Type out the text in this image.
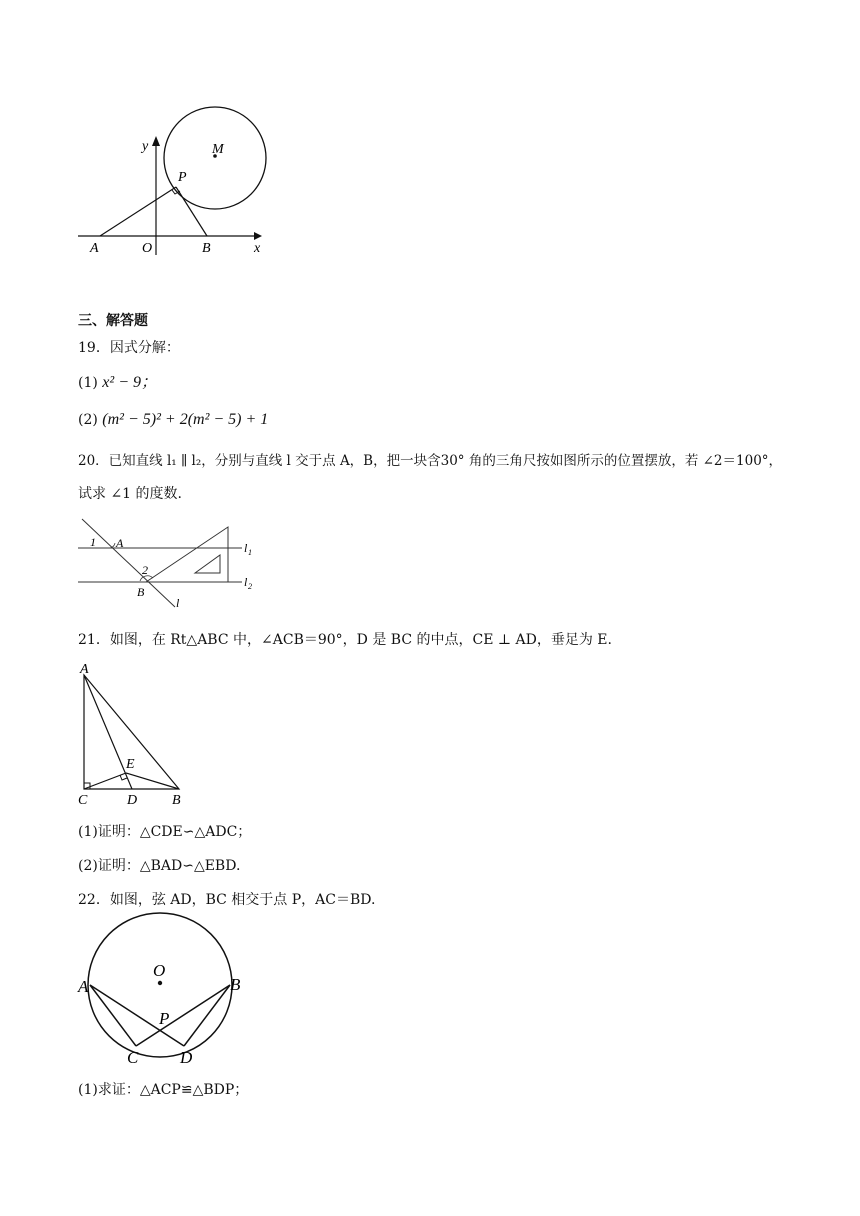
y	M
P
A	O	B	x
三、解答题
19．因式分解：
(1) x² − 9；
(2) (m² − 5)² + 2(m² − 5) + 1
20．已知直线 l₁ ∥ l₂，分别与直线 l 交于点 A，B，把一块含30° 角的三角尺按如图所示的位置摆放，若 ∠2＝100°，
试求 ∠1 的度数.
1 A
2
B
l
l 1
l 2
21．如图，在 Rt△ABC 中，∠ACB＝90°，D 是 BC 的中点，CE ⊥ AD，垂足为 E.
A
E
C	D B
(1)证明：△CDE∽△ADC；
(2)证明：△BAD∽△EBD.
22．如图，弦 AD，BC 相交于点 P，AC＝BD.
O
A	B
P
C D
(1)求证：△ACP≌△BDP；
